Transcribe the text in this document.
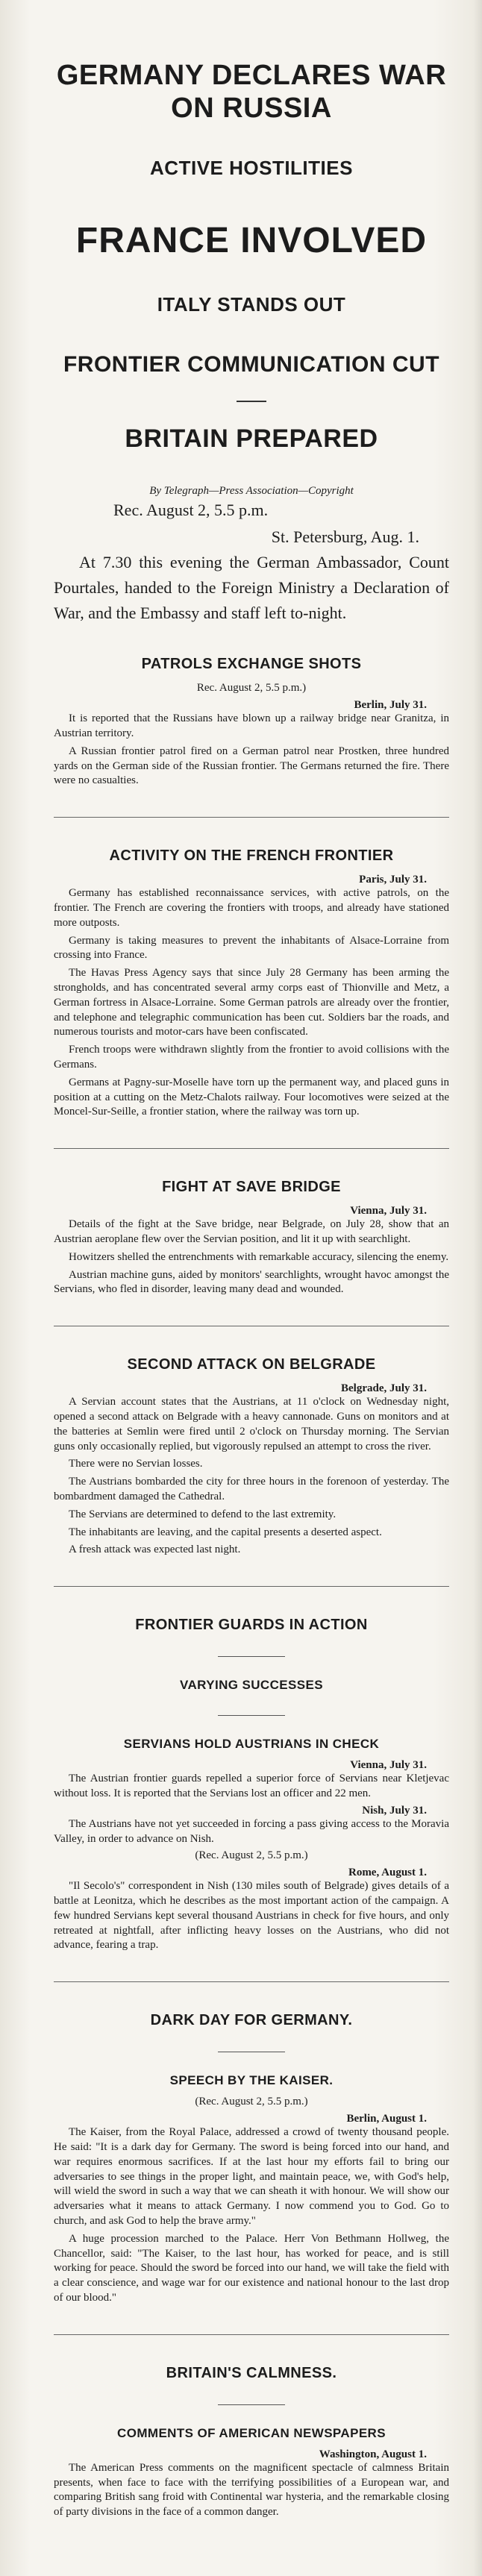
GERMANY DECLARES WAR ON RUSSIA
ACTIVE HOSTILITIES
FRANCE INVOLVED
ITALY STANDS OUT
FRONTIER COMMUNICATION CUT
BRITAIN PREPARED

By Telegraph—Press Association—Copyright

Rec. August 2, 5.5 p.m.

St. Petersburg, Aug. 1.

At 7.30 this evening the German Ambassador, Count Pourtales, handed to the Foreign Ministry a Declaration of War, and the Embassy and staff left to-night.

PATROLS EXCHANGE SHOTS

Rec. August 2, 5.5 p.m.)

Berlin, July 31.

It is reported that the Russians have blown up a railway bridge near Granitza, in Austrian territory.

A Russian frontier patrol fired on a German patrol near Prostken, three hundred yards on the German side of the Russian frontier. The Germans returned the fire. There were no casualties.

ACTIVITY ON THE FRENCH FRONTIER

Paris, July 31.

Germany has established reconnaissance services, with active patrols, on the frontier. The French are covering the frontiers with troops, and already have stationed more outposts.

Germany is taking measures to prevent the inhabitants of Alsace-Lorraine from crossing into France.

The Havas Press Agency says that since July 28 Germany has been arming the strongholds, and has concentrated several army corps east of Thionville and Metz, a German fortress in Alsace-Lorraine. Some German patrols are already over the frontier, and telephone and telegraphic communication has been cut. Soldiers bar the roads, and numerous tourists and motor-cars have been confiscated.

French troops were withdrawn slightly from the frontier to avoid collisions with the Germans.

Germans at Pagny-sur-Moselle have torn up the permanent way, and placed guns in position at a cutting on the Metz-Chalots railway. Four locomotives were seized at the Moncel-Sur-Seille, a frontier station, where the railway was torn up.

FIGHT AT SAVE BRIDGE

Vienna, July 31.

Details of the fight at the Save bridge, near Belgrade, on July 28, show that an Austrian aeroplane flew over the Servian position, and lit it up with searchlight.

Howitzers shelled the entrenchments with remarkable accuracy, silencing the enemy.

Austrian machine guns, aided by monitors' searchlights, wrought havoc amongst the Servians, who fled in disorder, leaving many dead and wounded.

SECOND ATTACK ON BELGRADE

Belgrade, July 31.

A Servian account states that the Austrians, at 11 o'clock on Wednesday night, opened a second attack on Belgrade with a heavy cannonade. Guns on monitors and at the batteries at Semlin were fired until 2 o'clock on Thursday morning. The Servian guns only occasionally replied, but vigorously repulsed an attempt to cross the river.

There were no Servian losses.

The Austrians bombarded the city for three hours in the forenoon of yesterday. The bombardment damaged the Cathedral.

The Servians are determined to defend to the last extremity.

The inhabitants are leaving, and the capital presents a deserted aspect.

A fresh attack was expected last night.

FRONTIER GUARDS IN ACTION
VARYING SUCCESSES
SERVIANS HOLD AUSTRIANS IN CHECK

Vienna, July 31.

The Austrian frontier guards repelled a superior force of Servians near Kletjevac without loss. It is reported that the Servians lost an officer and 22 men.

Nish, July 31.

The Austrians have not yet succeeded in forcing a pass giving access to the Moravia Valley, in order to advance on Nish.

(Rec. August 2, 5.5 p.m.)

Rome, August 1.

"Il Secolo's" correspondent in Nish (130 miles south of Belgrade) gives details of a battle at Leonitza, which he describes as the most important action of the campaign. A few hundred Servians kept several thousand Austrians in check for five hours, and only retreated at nightfall, after inflicting heavy losses on the Austrians, who did not advance, fearing a trap.

DARK DAY FOR GERMANY.
SPEECH BY THE KAISER.

(Rec. August 2, 5.5 p.m.)

Berlin, August 1.

The Kaiser, from the Royal Palace, addressed a crowd of twenty thousand people. He said: "It is a dark day for Germany. The sword is being forced into our hand, and war requires enormous sacrifices. If at the last hour my efforts fail to bring our adversaries to see things in the proper light, and maintain peace, we, with God's help, will wield the sword in such a way that we can sheath it with honour. We will show our adversaries what it means to attack Germany. I now commend you to God. Go to church, and ask God to help the brave army."

A huge procession marched to the Palace. Herr Von Bethmann Hollweg, the Chancellor, said: "The Kaiser, to the last hour, has worked for peace, and is still working for peace. Should the sword be forced into our hand, we will take the field with a clear conscience, and wage war for our existence and national honour to the last drop of our blood."

BRITAIN'S CALMNESS.
COMMENTS OF AMERICAN NEWSPAPERS

Washington, August 1.

The American Press comments on the magnificent spectacle of calmness Britain presents, when face to face with the terrifying possibilities of a European war, and comparing British sang froid with Continental war hysteria, and the remarkable closing of party divisions in the face of a common danger.
